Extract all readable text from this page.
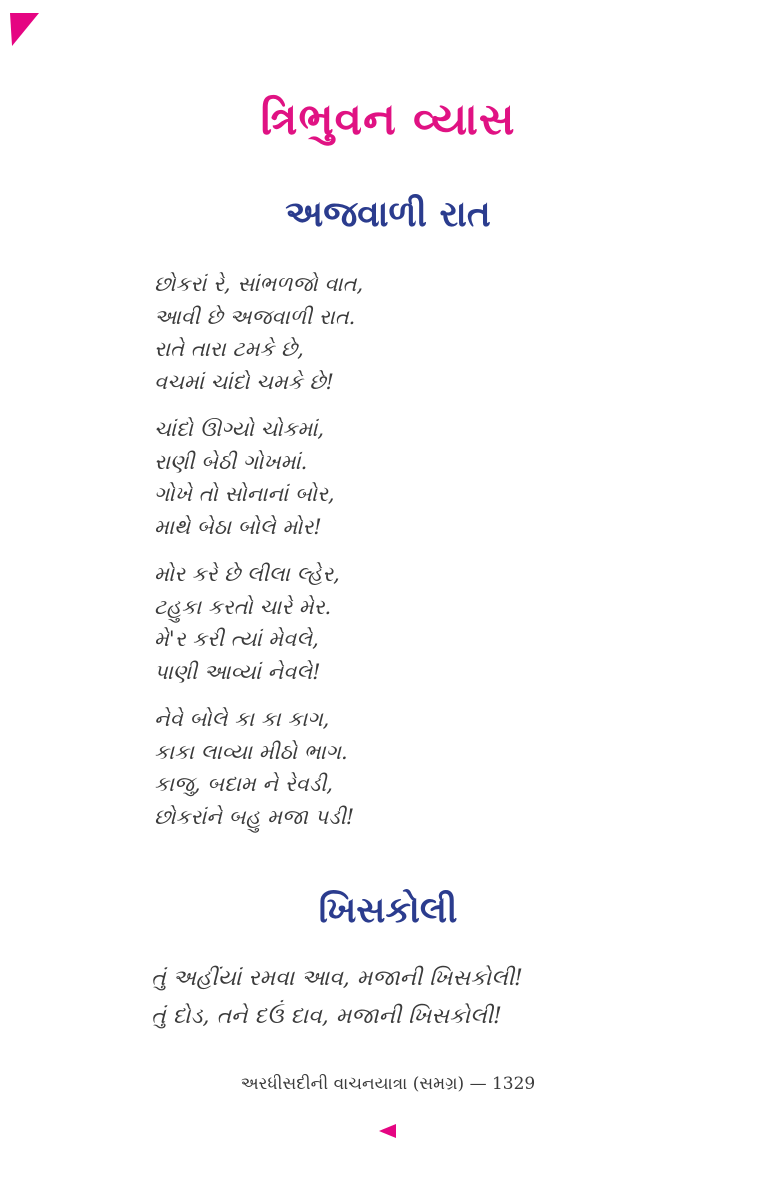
ત્રિભુવન વ્યાસ
અજવાળી રાત

છોકરાં રે, સાંભળજો વાત,

આવી છે અજવાળી રાત.

રાતે તારા ટમકે છે,

વચમાં ચાંદો ચમકે છે!

ચાંદો ઊગ્યો ચોકમાં,

રાણી બેઠી ગોખમાં.

ગોખે તો સોનાનાં બોર,

માથે બેઠા બોલે મોર!

મોર કરે છે લીલા લ્હેર,

ટહુકા કરતો ચારે મેર.

મે'ર કરી ત્યાં મેવલે,

પાણી આવ્યાં નેવલે!

નેવે બોલે કા કા કાગ,

કાકા લાવ્યા મીઠો ભાગ.

કાજુ, બદામ ને રેવડી,

છોકરાંને બહુ મજા પડી!

ખિસકોલી

તું અહીંયાં રમવા આવ, મજાની ખિસકોલી!

તું દોડ, તને દઉં દાવ, મજાની ખિસકોલી!

અરધીસદીની વાચનયાત્રા (સમગ્ર) — 1329
